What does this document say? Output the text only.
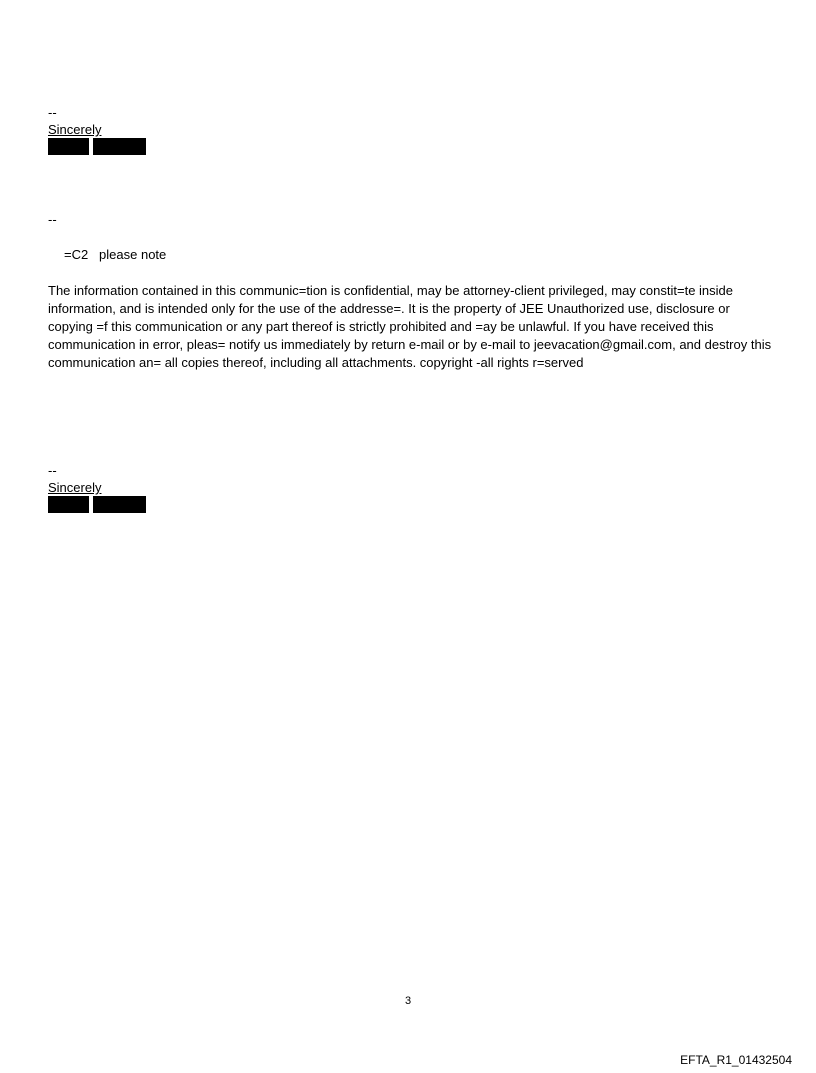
--
Sincerely
--
=C2   please note
The information contained in this communic=tion is confidential, may be attorney-client privileged, may constit=te inside information, and is intended only for the use of the addresse=. It is the property of JEE Unauthorized use, disclosure or copying =f this communication or any part thereof is strictly prohibited and =ay be unlawful. If you have received this communication in error, pleas= notify us immediately by return e-mail or by e-mail to jeevacation@gmail.com, and destroy this communication an= all copies thereof, including all attachments. copyright -all rights r=served
--
Sincerely
3
EFTA_R1_01432504
